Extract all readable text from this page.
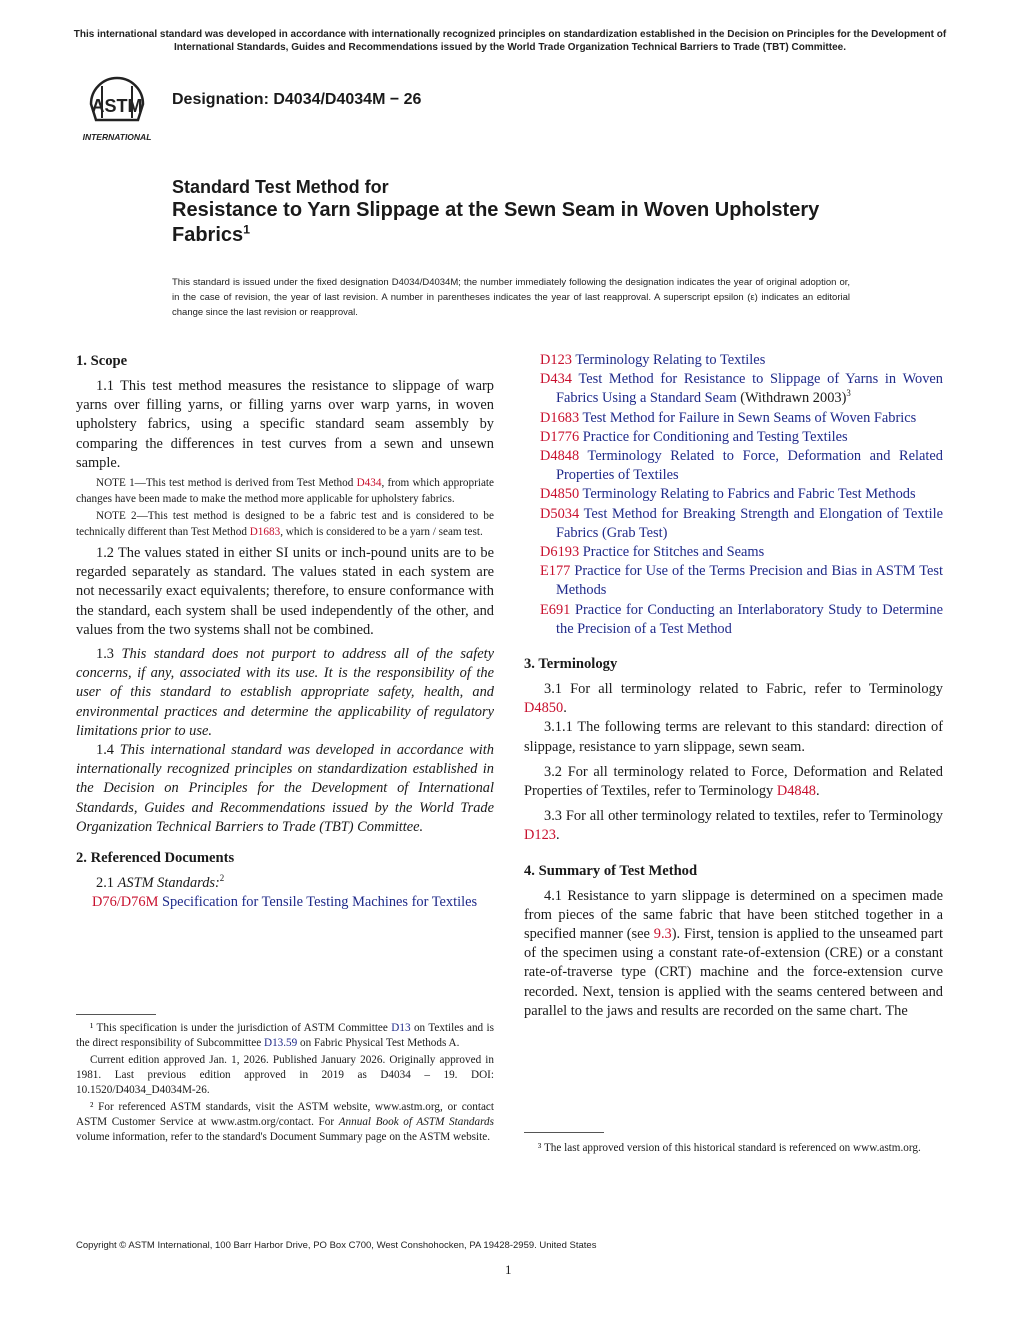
This international standard was developed in accordance with internationally recognized principles on standardization established in the Decision on Principles for the Development of International Standards, Guides and Recommendations issued by the World Trade Organization Technical Barriers to Trade (TBT) Committee.
ASTM
INTERNATIONAL
Designation: D4034/D4034M − 26
Standard Test Method for
Resistance to Yarn Slippage at the Sewn Seam in Woven Upholstery Fabrics$^1$
This standard is issued under the fixed designation D4034/D4034M; the number immediately following the designation indicates the year of original adoption or, in the case of revision, the year of last revision. A number in parentheses indicates the year of last reapproval. A superscript epsilon (ε) indicates an editorial change since the last revision or reapproval.

1. Scope

1.1 This test method measures the resistance to slippage of warp yarns over filling yarns, or filling yarns over warp yarns, in woven upholstery fabrics, using a specific standard seam assembly by comparing the differences in test curves from a sewn and unsewn sample.

NOTE 1—This test method is derived from Test Method D434, from which appropriate changes have been made to make the method more applicable for upholstery fabrics.

NOTE 2—This test method is designed to be a fabric test and is considered to be technically different than Test Method D1683, which is considered to be a yarn / seam test.

1.2 The values stated in either SI units or inch-pound units are to be regarded separately as standard. The values stated in each system are not necessarily exact equivalents; therefore, to ensure conformance with the standard, each system shall be used independently of the other, and values from the two systems shall not be combined.

1.3 This standard does not purport to address all of the safety concerns, if any, associated with its use. It is the responsibility of the user of this standard to establish appropriate safety, health, and environmental practices and determine the applicability of regulatory limitations prior to use.

1.4 This international standard was developed in accordance with internationally recognized principles on standardization established in the Decision on Principles for the Development of International Standards, Guides and Recommendations issued by the World Trade Organization Technical Barriers to Trade (TBT) Committee.

2. Referenced Documents

2.1 ASTM Standards:$^2$

D76/D76M Specification for Tensile Testing Machines for Textiles

¹ This specification is under the jurisdiction of ASTM Committee D13 on Textiles and is the direct responsibility of Subcommittee D13.59 on Fabric Physical Test Methods A.

Current edition approved Jan. 1, 2026. Published January 2026. Originally approved in 1981. Last previous edition approved in 2019 as D4034 – 19. DOI: 10.1520/D4034_D4034M-26.

² For referenced ASTM standards, visit the ASTM website, www.astm.org, or contact ASTM Customer Service at www.astm.org/contact. For Annual Book of ASTM Standards volume information, refer to the standard's Document Summary page on the ASTM website.

D123 Terminology Relating to Textiles

D434 Test Method for Resistance to Slippage of Yarns in Woven Fabrics Using a Standard Seam (Withdrawn 2003)$^3$

D1683 Test Method for Failure in Sewn Seams of Woven Fabrics

D1776 Practice for Conditioning and Testing Textiles

D4848 Terminology Related to Force, Deformation and Related Properties of Textiles

D4850 Terminology Relating to Fabrics and Fabric Test Methods

D5034 Test Method for Breaking Strength and Elongation of Textile Fabrics (Grab Test)

D6193 Practice for Stitches and Seams

E177 Practice for Use of the Terms Precision and Bias in ASTM Test Methods

E691 Practice for Conducting an Interlaboratory Study to Determine the Precision of a Test Method

3. Terminology

3.1 For all terminology related to Fabric, refer to Terminology D4850.

3.1.1 The following terms are relevant to this standard: direction of slippage, resistance to yarn slippage, sewn seam.

3.2 For all terminology related to Force, Deformation and Related Properties of Textiles, refer to Terminology D4848.

3.3 For all other terminology related to textiles, refer to Terminology D123.

4. Summary of Test Method

4.1 Resistance to yarn slippage is determined on a specimen made from pieces of the same fabric that have been stitched together in a specified manner (see 9.3). First, tension is applied to the unseamed part of the specimen using a constant rate-of-extension (CRE) or a constant rate-of-traverse type (CRT) machine and the force-extension curve recorded. Next, tension is applied with the seams centered between and parallel to the jaws and results are recorded on the same chart. The

³ The last approved version of this historical standard is referenced on www.astm.org.
Copyright © ASTM International, 100 Barr Harbor Drive, PO Box C700, West Conshohocken, PA 19428-2959. United States
1
